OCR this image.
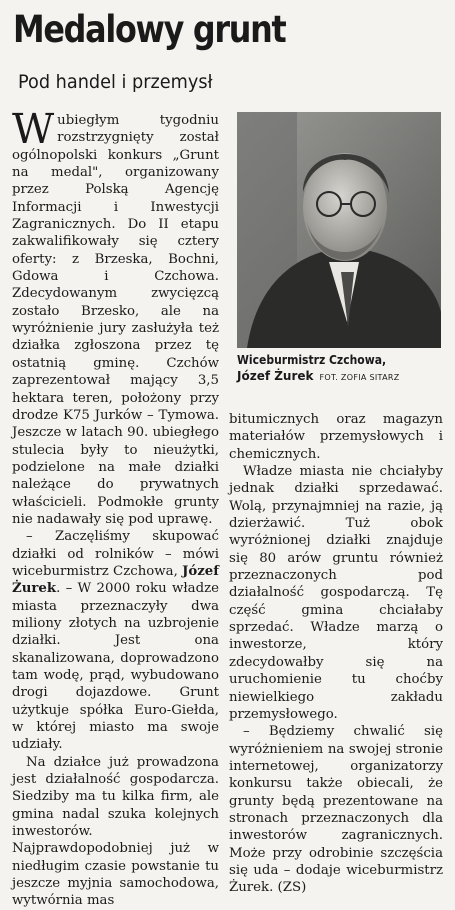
Medalowy grunt
Pod handel i przemysł

Wubiegłym tygodniu rozstrzygnięty został ogólnopolski konkurs „Grunt na medal", organizowany przez Polską Agencję Informacji i Inwestycji Zagranicznych. Do II etapu zakwalifikowały się cztery oferty: z Brzeska, Bochni, Gdowa i Czchowa. Zdecydowanym zwycięzcą zostało Brzesko, ale na wyróżnienie jury zasłużyła też działka zgłoszona przez tę ostatnią gminę. Czchów zaprezentował mający 3,5 hektara teren, położony przy drodze K75 Jurków – Tymowa. Jeszcze w latach 90. ubiegłego stulecia były to nieużytki, podzielone na małe działki należące do prywatnych właścicieli. Podmokłe grunty nie nadawały się pod uprawę.

– Zaczęliśmy skupować działki od rolników – mówi wiceburmistrz Czchowa, Józef Żurek. – W 2000 roku władze miasta przeznaczyły dwa miliony złotych na uzbrojenie działki. Jest ona skanalizowana, doprowadzono tam wodę, prąd, wybudowano drogi dojazdowe. Grunt użytkuje spółka Euro-Giełda, w której miasto ma swoje udziały.

Na działce już prowadzona jest działalność gospodarcza. Siedziby ma tu kilka firm, ale gmina nadal szuka kolejnych inwestorów. Najprawdopodobniej już w niedługim czasie powstanie tu jeszcze myjnia samochodowa, wytwórnia mas

Wiceburmistrz Czchowa,
Józef Żurek FOT. ZOFIA SITARZ

bitumicznych oraz magazyn materiałów przemysłowych i chemicznych.

Władze miasta nie chciałyby jednak działki sprzedawać. Wolą, przynajmniej na razie, ją dzierżawić. Tuż obok wyróżnionej działki znajduje się 80 arów gruntu również przeznaczonych pod działalność gospodarczą. Tę część gmina chciałaby sprzedać. Władze marzą o inwestorze, który zdecydowałby się na uruchomienie tu choćby niewielkiego zakładu przemysłowego.

– Będziemy chwalić się wyróżnieniem na swojej stronie internetowej, organizatorzy konkursu także obiecali, że grunty będą prezentowane na stronach przeznaczonych dla inwestorów zagranicznych. Może przy odrobinie szczęścia się uda – dodaje wiceburmistrz Żurek. (ZS)
